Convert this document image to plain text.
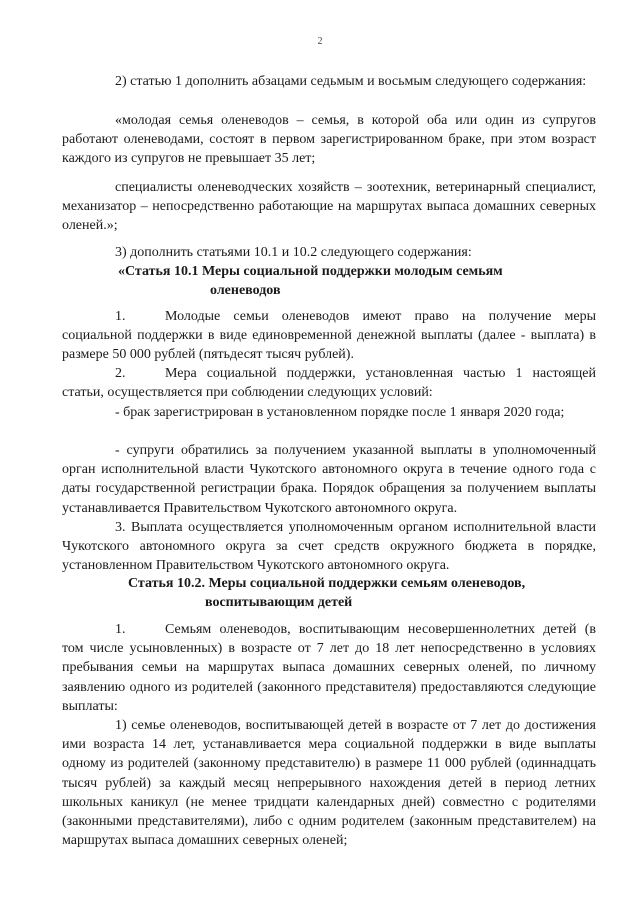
2
2) статью 1 дополнить абзацами седьмым и восьмым следующего содержания:
«молодая семья оленеводов – семья, в которой оба или один из супругов работают оленеводами, состоят в первом зарегистрированном браке, при этом возраст каждого из супругов не превышает 35 лет;
специалисты оленеводческих хозяйств – зоотехник, ветеринарный специалист, механизатор – непосредственно работающие на маршрутах выпаса домашних северных оленей.»;
3) дополнить статьями 10.1 и 10.2 следующего содержания:
«Статья 10.1 Меры социальной поддержки молодым семьям
оленеводов
1.	Молодые семьи оленеводов имеют право на получение меры социальной поддержки в виде единовременной денежной выплаты (далее - выплата) в размере 50 000 рублей (пятьдесят тысяч рублей).
2.	Мера социальной поддержки, установленная частью 1 настоящей статьи, осуществляется при соблюдении следующих условий:
- брак зарегистрирован в установленном порядке после 1 января 2020 года;
- супруги обратились за получением указанной выплаты в уполномоченный орган исполнительной власти Чукотского автономного округа в течение одного года с даты государственной регистрации брака. Порядок обращения за получением выплаты устанавливается Правительством Чукотского автономного округа.
3. Выплата осуществляется уполномоченным органом исполнительной власти Чукотского автономного округа за счет средств окружного бюджета в порядке, установленном Правительством Чукотского автономного округа.
Статья 10.2. Меры социальной поддержки семьям оленеводов,
воспитывающим детей
1.	Семьям оленеводов, воспитывающим несовершеннолетних детей (в том числе усыновленных) в возрасте от 7 лет до 18 лет непосредственно в условиях пребывания семьи на маршрутах выпаса домашних северных оленей, по личному заявлению одного из родителей (законного представителя) предоставляются следующие выплаты:
1) семье оленеводов, воспитывающей детей в возрасте от 7 лет до достижения ими возраста 14 лет, устанавливается мера социальной поддержки в виде выплаты одному из родителей (законному представителю) в размере 11 000 рублей (одиннадцать тысяч рублей) за каждый месяц непрерывного нахождения детей в период летних школьных каникул (не менее тридцати календарных дней) совместно с родителями (законными представителями), либо с одним родителем (законным представителем) на маршрутах выпаса домашних северных оленей;
